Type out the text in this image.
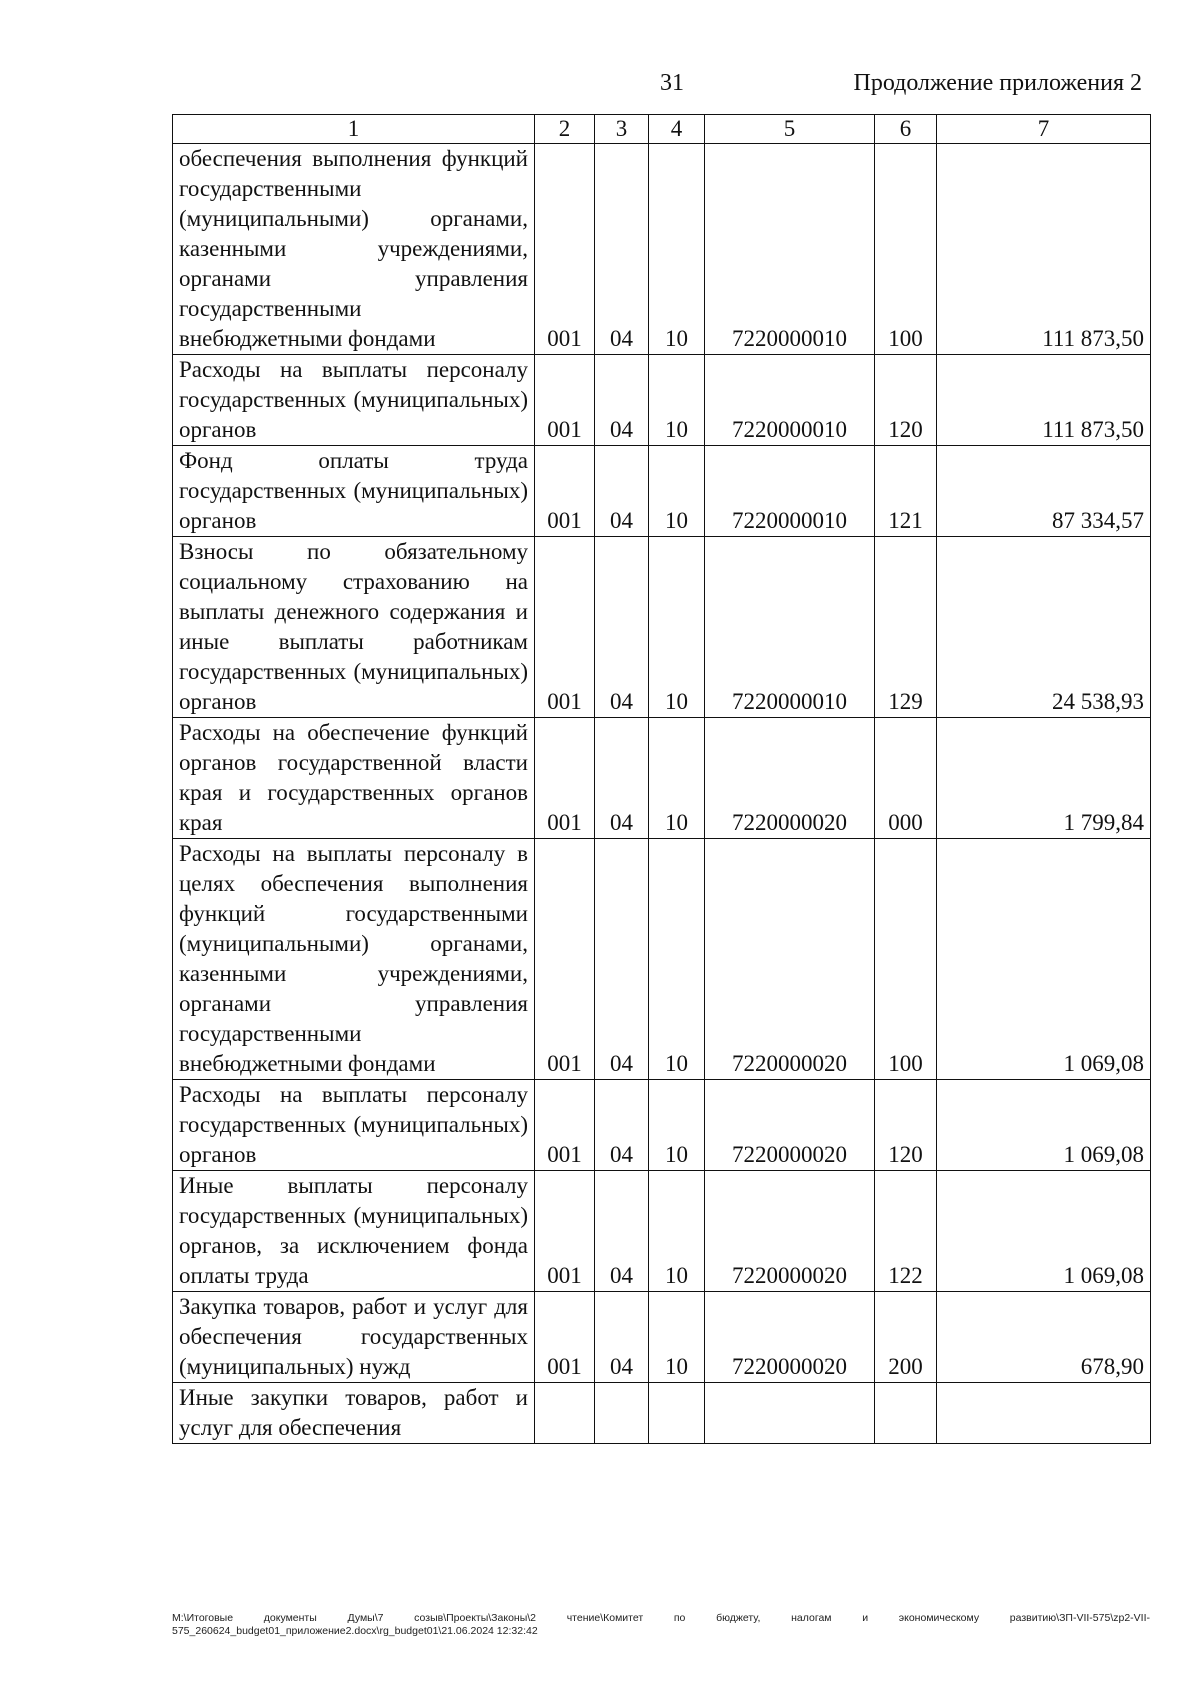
31	Продолжение приложения 2
1	2	3	4	5	6	7
обеспечения выполнения функций государственными (муниципальными) органами, казенными учреждениями, органами управления государственными внебюджетными фондами	001	04	10	7220000010	100	111 873,50
Расходы на выплаты персоналу государственных (муниципальных) органов	001	04	10	7220000010	120	111 873,50
Фонд оплаты труда государственных (муниципальных) органов	001	04	10	7220000010	121	87 334,57
Взносы по обязательному социальному страхованию на выплаты денежного содержания и иные выплаты работникам государственных (муниципальных) органов	001	04	10	7220000010	129	24 538,93
Расходы на обеспечение функций органов государственной власти края и государственных органов края	001	04	10	7220000020	000	1 799,84
Расходы на выплаты персоналу в целях обеспечения выполнения функций государственными (муниципальными) органами, казенными учреждениями, органами управления государственными внебюджетными фондами	001	04	10	7220000020	100	1 069,08
Расходы на выплаты персоналу государственных (муниципальных) органов	001	04	10	7220000020	120	1 069,08
Иные выплаты персоналу государственных (муниципальных) органов, за исключением фонда оплаты труда	001	04	10	7220000020	122	1 069,08
Закупка товаров, работ и услуг для обеспечения государственных (муниципальных) нужд	001	04	10	7220000020	200	678,90
Иные закупки товаров, работ и услуг для обеспечения						
М:\Итоговые документы Думы\7 созыв\Проекты\Законы\2 чтение\Комитет по бюджету, налогам и экономическому развитию\ЗП-VII-575\zp2-VII-575_260624_budget01_приложение2.docx\rg_budget01\21.06.2024 12:32:42
